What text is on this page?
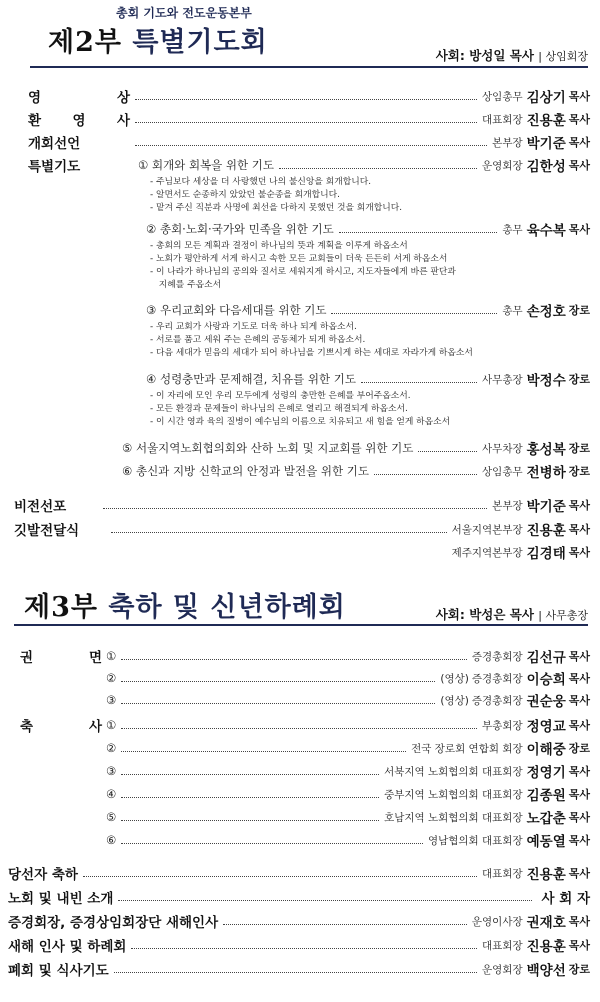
총회 기도와 전도운동본부
제2부 특별기도회	사회: 방성일 목사 | 상임회장
영　　상	상임총무 김상기 목사
환 영 사	대표회장 진용훈 목사
개회선언	본부장 박기준 목사
특별기도	① 회개와 회복을 위한 기도	운영회장 김한성 목사
- 주님보다 세상을 더 사랑했던 나의 불신앙을 회개합니다.
- 알면서도 순종하지 았았던 불순종을 회개합니다.
- 맡겨 주신 직분과 사명에 최선을 다하지 못했던 것을 회개합니다.
② 총회·노회·국가와 민족을 위한 기도	총무 육수복 목사
- 총회의 모든 계획과 결정이 하나님의 뜻과 계획을 이루게 하옵소서
- 노회가 평안하게 서게 하시고 속한 모든 교회들이 더욱 든든히 서게 하옵소서
- 이 나라가 하나님의 공의와 질서로 세워지게 하시고, 지도자들에게 바른 판단과
　지혜를 주옵소서
③ 우리교회와 다음세대를 위한 기도	총무 손정호 장로
- 우리 교회가 사랑과 기도로 더욱 하나 되게 하옵소서.
- 서로를 품고 세워 주는 은혜의 공동체가 되게 하옵소서.
- 다음 세대가 믿음의 세대가 되어 하나님을 기쁘시게 하는 세대로 자라가게 하옵소서
④ 성령충만과 문제해결, 치유를 위한 기도	사무총장 박정수 장로
- 이 자리에 모인 우리 모두에게 성령의 충만한 은혜를 부어주옵소서.
- 모든 환경과 문제들이 하나님의 은혜로 열리고 해결되게 하옵소서.
- 이 시간 영과 육의 질병이 예수님의 이름으로 치유되고 새 힘을 얻게 하옵소서
⑤ 서울지역노회협의회와 산하 노회 및 지교회를 위한 기도	사무차장 홍성복 장로
⑥ 총신과 지방 신학교의 안정과 발전을 위한 기도	상임총무 전병하 장로
비전선포	본부장 박기준 목사
깃발전달식	서울지역본부장 진용훈 목사
제주지역본부장 김경태 목사
제3부 축하 및 신년하례회	사회: 박성은 목사 | 사무총장
권　　면 ①	증경총회장 김선규 목사
②	(영상) 증경총회장 이승희 목사
③	(영상) 증경총회장 권순웅 목사
축　　사 ①	부총회장 정영교 목사
②	전국 장로회 연합회 회장 이해중 장로
③	서북지역 노회협의회 대표회장 정영기 목사
④	중부지역 노회협의회 대표회장 김종원 목사
⑤	호남지역 노회협의회 대표회장 노갑춘 목사
⑥	영남협의회 대표회장 예동열 목사
당선자 축하	대표회장 진용훈 목사
노회 및 내빈 소개	사 회 자
증경회장, 증경상임회장단 새해인사	운영이사장 권재호 목사
새해 인사 및 하례회	대표회장 진용훈 목사
폐회 및 식사기도	운영회장 백양선 장로
